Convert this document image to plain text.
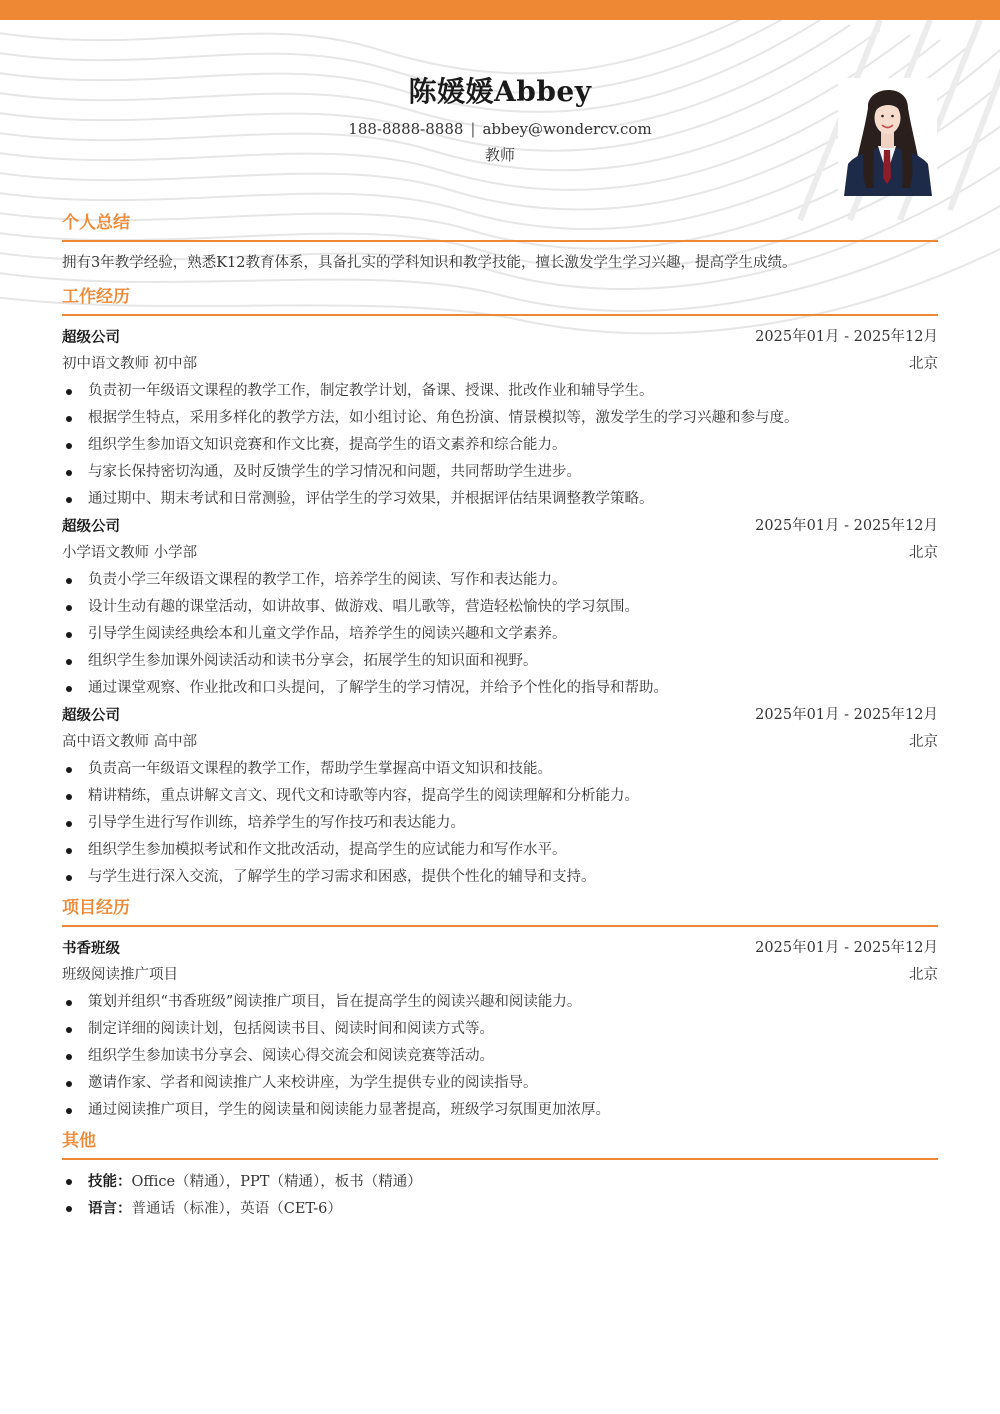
陈媛媛Abbey
188-8888-8888 | abbey@wondercv.com
教师
个人总结
拥有3年教学经验，熟悉K12教育体系，具备扎实的学科知识和教学技能，擅长激发学生学习兴趣，提高学生成绩。
工作经历
超级公司	2025年01月 - 2025年12月
初中语文教师 初中部	北京
负责初一年级语文课程的教学工作，制定教学计划，备课、授课、批改作业和辅导学生。
根据学生特点，采用多样化的教学方法，如小组讨论、角色扮演、情景模拟等，激发学生的学习兴趣和参与度。
组织学生参加语文知识竞赛和作文比赛，提高学生的语文素养和综合能力。
与家长保持密切沟通，及时反馈学生的学习情况和问题，共同帮助学生进步。
通过期中、期末考试和日常测验，评估学生的学习效果，并根据评估结果调整教学策略。
超级公司	2025年01月 - 2025年12月
小学语文教师 小学部	北京
负责小学三年级语文课程的教学工作，培养学生的阅读、写作和表达能力。
设计生动有趣的课堂活动，如讲故事、做游戏、唱儿歌等，营造轻松愉快的学习氛围。
引导学生阅读经典绘本和儿童文学作品，培养学生的阅读兴趣和文学素养。
组织学生参加课外阅读活动和读书分享会，拓展学生的知识面和视野。
通过课堂观察、作业批改和口头提问，了解学生的学习情况，并给予个性化的指导和帮助。
超级公司	2025年01月 - 2025年12月
高中语文教师 高中部	北京
负责高一年级语文课程的教学工作，帮助学生掌握高中语文知识和技能。
精讲精练，重点讲解文言文、现代文和诗歌等内容，提高学生的阅读理解和分析能力。
引导学生进行写作训练，培养学生的写作技巧和表达能力。
组织学生参加模拟考试和作文批改活动，提高学生的应试能力和写作水平。
与学生进行深入交流，了解学生的学习需求和困惑，提供个性化的辅导和支持。
项目经历
书香班级	2025年01月 - 2025年12月
班级阅读推广项目	北京
策划并组织“书香班级”阅读推广项目，旨在提高学生的阅读兴趣和阅读能力。
制定详细的阅读计划，包括阅读书目、阅读时间和阅读方式等。
组织学生参加读书分享会、阅读心得交流会和阅读竞赛等活动。
邀请作家、学者和阅读推广人来校讲座，为学生提供专业的阅读指导。
通过阅读推广项目，学生的阅读量和阅读能力显著提高，班级学习氛围更加浓厚。
其他
技能：Office（精通），PPT（精通），板书（精通）
语言：普通话（标准），英语（CET-6）
